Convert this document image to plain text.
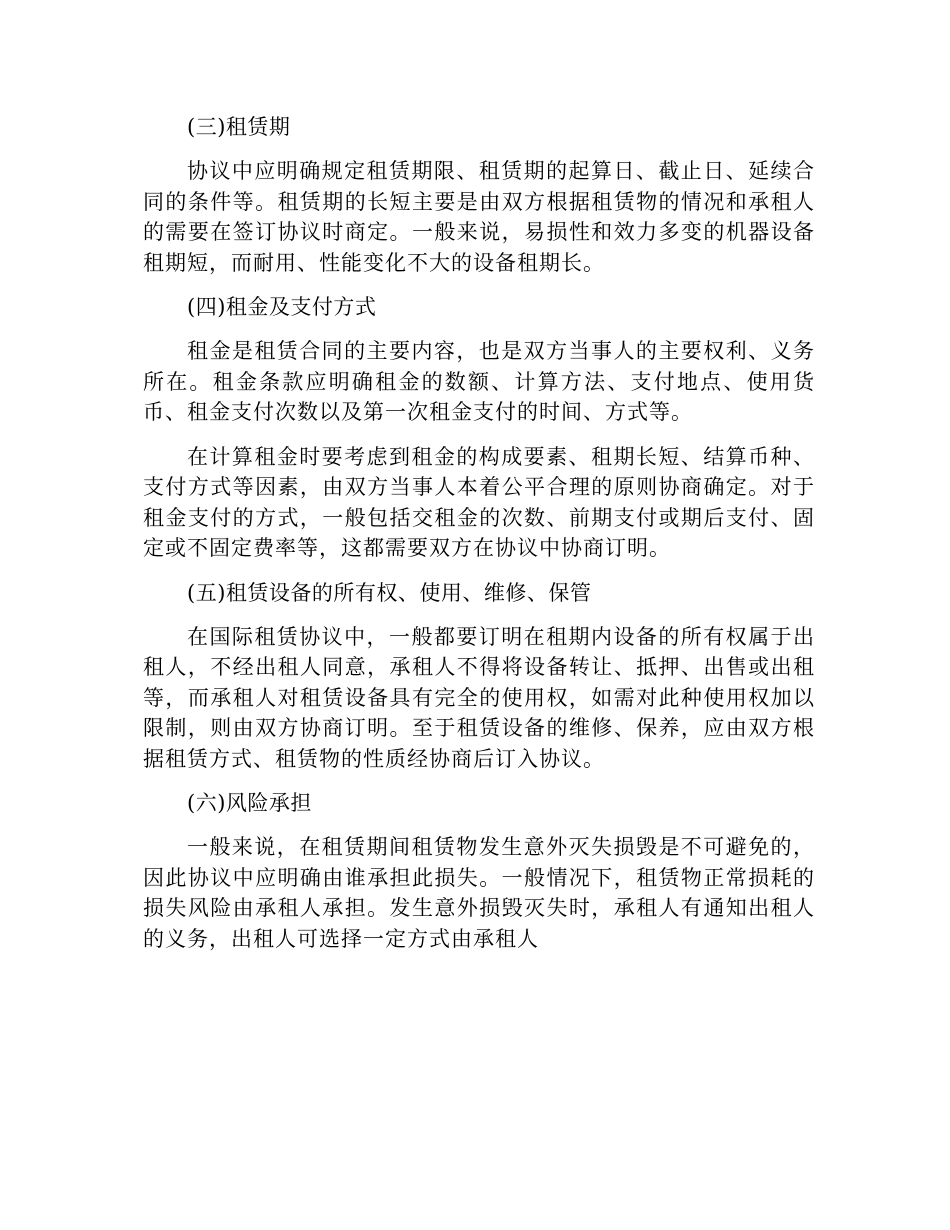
(三)租赁期

协议中应明确规定租赁期限、租赁期的起算日、截止日、延续合同的条件等。租赁期的长短主要是由双方根据租赁物的情况和承租人的需要在签订协议时商定。一般来说，易损性和效力多变的机器设备租期短，而耐用、性能变化不大的设备租期长。

(四)租金及支付方式

租金是租赁合同的主要内容，也是双方当事人的主要权利、义务所在。租金条款应明确租金的数额、计算方法、支付地点、使用货币、租金支付次数以及第一次租金支付的时间、方式等。

在计算租金时要考虑到租金的构成要素、租期长短、结算币种、支付方式等因素，由双方当事人本着公平合理的原则协商确定。对于租金支付的方式，一般包括交租金的次数、前期支付或期后支付、固定或不固定费率等，这都需要双方在协议中协商订明。

(五)租赁设备的所有权、使用、维修、保管

在国际租赁协议中，一般都要订明在租期内设备的所有权属于出租人，不经出租人同意，承租人不得将设备转让、抵押、出售或出租等，而承租人对租赁设备具有完全的使用权，如需对此种使用权加以限制，则由双方协商订明。至于租赁设备的维修、保养，应由双方根据租赁方式、租赁物的性质经协商后订入协议。

(六)风险承担

一般来说，在租赁期间租赁物发生意外灭失损毁是不可避免的，因此协议中应明确由谁承担此损失。一般情况下，租赁物正常损耗的损失风险由承租人承担。发生意外损毁灭失时，承租人有通知出租人的义务，出租人可选择一定方式由承租人
